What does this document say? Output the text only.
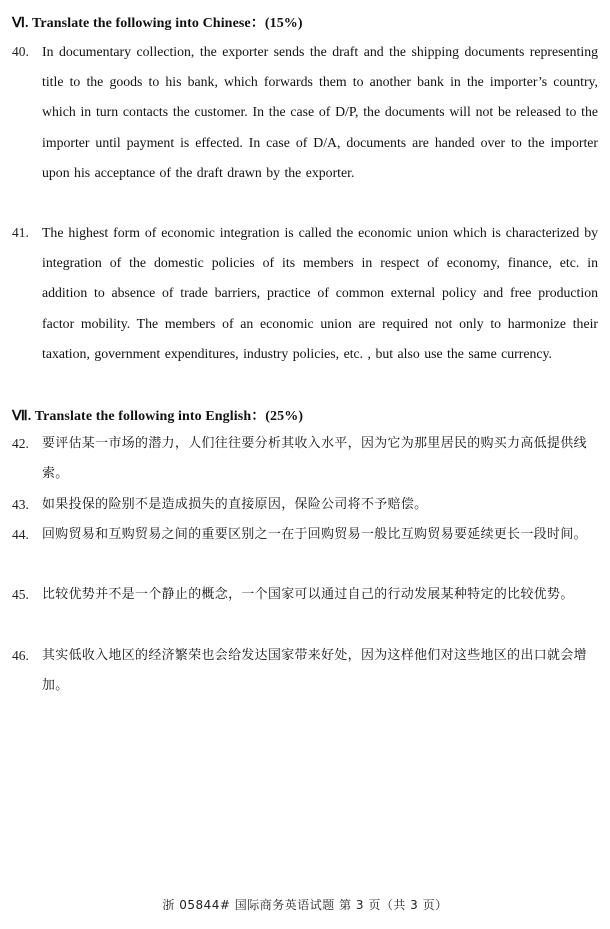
Ⅵ. Translate the following into Chinese：(15%)
40. In documentary collection, the exporter sends the draft and the shipping documents representing title to the goods to his bank, which forwards them to another bank in the importer’s country, which in turn contacts the customer. In the case of D/P, the documents will not be released to the importer until payment is effected. In case of D/A, documents are handed over to the importer upon his acceptance of the draft drawn by the exporter.
41. The highest form of economic integration is called the economic union which is characterized by integration of the domestic policies of its members in respect of economy, finance, etc. in addition to absence of trade barriers, practice of common external policy and free production factor mobility. The members of an economic union are required not only to harmonize their taxation, government expenditures, industry policies, etc. , but also use the same currency.
Ⅶ. Translate the following into English：(25%)
42.	要评估某一市场的潜力，人们往往要分析其收入水平，因为它为那里居民的购买力高低提供线索。
43.	如果投保的险别不是造成损失的直接原因，保险公司将不予赔偿。
44.	回购贸易和互购贸易之间的重要区别之一在于回购贸易一般比互购贸易要延续更长一段时间。
45.	比较优势并不是一个静止的概念，一个国家可以通过自己的行动发展某种特定的比较优势。
46.	其实低收入地区的经济繁荣也会给发达国家带来好处，因为这样他们对这些地区的出口就会增加。
浙 05844# 国际商务英语试题 第 3 页（共 3 页）
